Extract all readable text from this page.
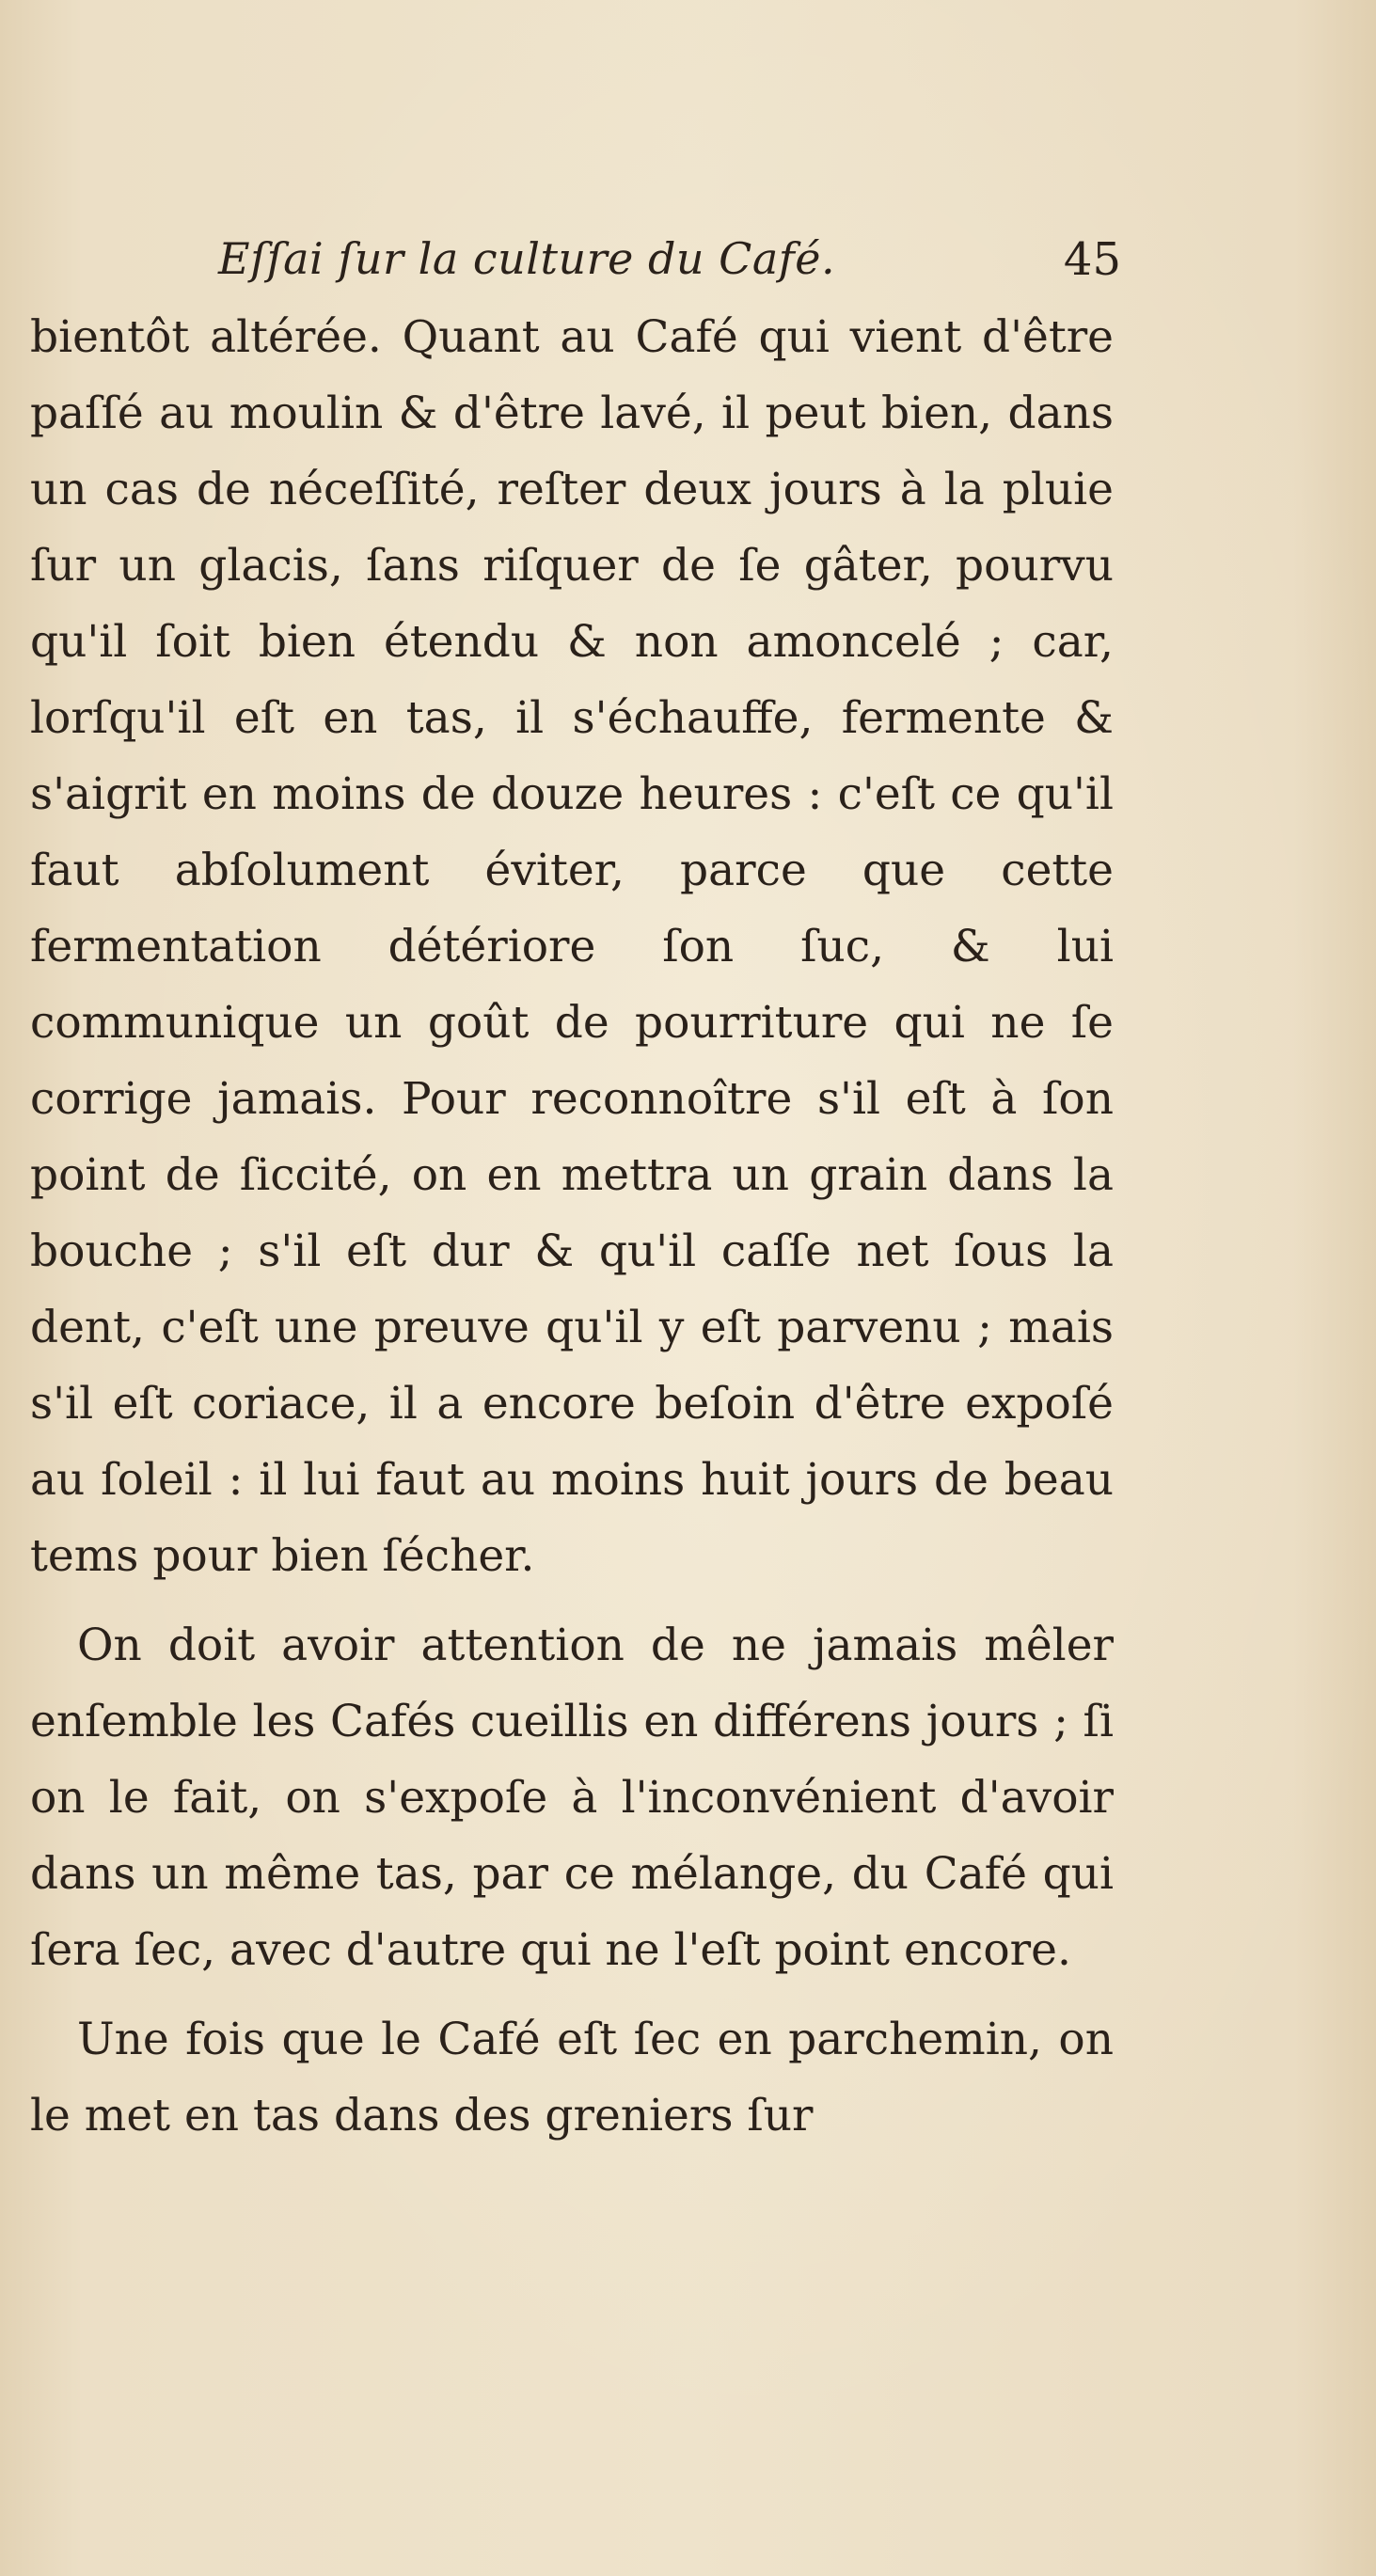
Eſſai ſur la culture du Café.	45

bientôt altérée. Quant au Café qui vient d'être paſſé au moulin & d'être lavé, il peut bien, dans un cas de néceſſité, reſter deux jours à la pluie ſur un glacis, ſans riſquer de ſe gâter, pourvu qu'il ſoit bien étendu & non amoncelé ; car, lorſqu'il eſt en tas, il s'échauffe, fermente & s'aigrit en moins de douze heures : c'eſt ce qu'il faut abſolument éviter, parce que cette fermentation détériore ſon ſuc, & lui communique un goût de pourriture qui ne ſe corrige jamais. Pour reconnoître s'il eſt à ſon point de ſiccité, on en mettra un grain dans la bouche ; s'il eſt dur & qu'il caſſe net ſous la dent, c'eſt une preuve qu'il y eſt parvenu ; mais s'il eſt coriace, il a encore beſoin d'être expoſé au ſoleil : il lui faut au moins huit jours de beau tems pour bien ſécher.

On doit avoir attention de ne jamais mêler enſemble les Cafés cueillis en différens jours ; ſi on le fait, on s'expoſe à l'inconvénient d'avoir dans un même tas, par ce mélange, du Café qui ſera ſec, avec d'autre qui ne l'eſt point encore.

Une fois que le Café eſt ſec en parchemin, on le met en tas dans des greniers ſur
